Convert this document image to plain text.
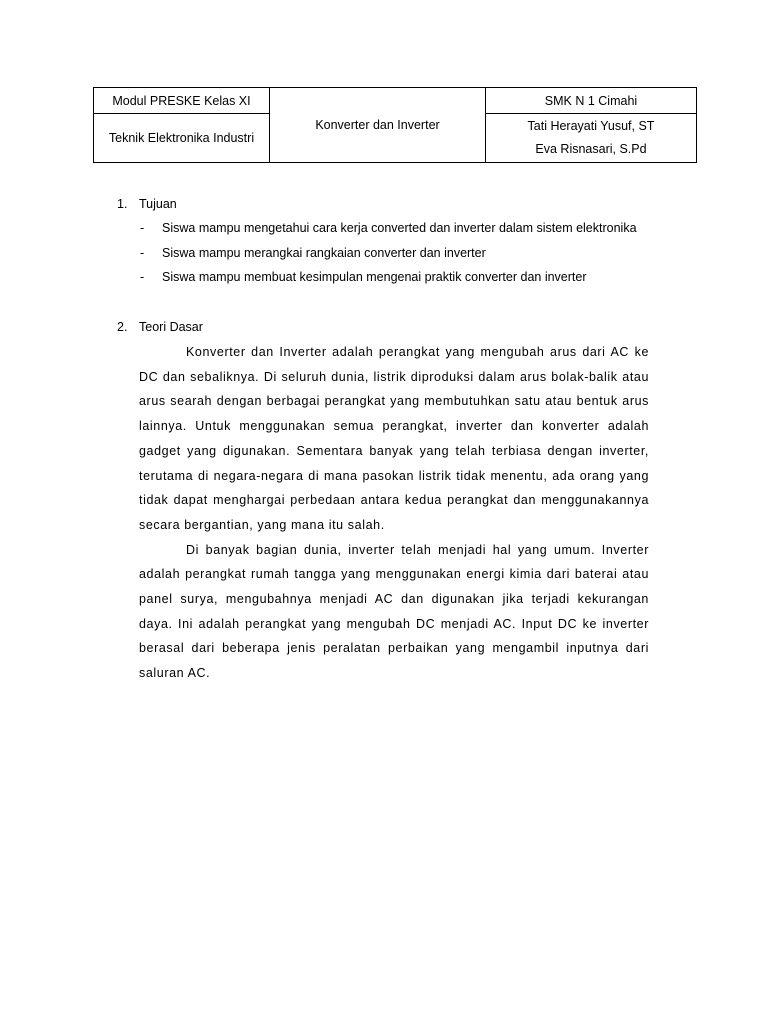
Modul PRESKE Kelas XI
Teknik Elektronika Industri
Konverter dan Inverter
SMK N 1 Cimahi
Tati Herayati Yusuf, ST
Eva Risnasari, S.Pd
1. Tujuan
- Siswa mampu mengetahui cara kerja converted dan inverter dalam sistem elektronika
- Siswa mampu merangkai rangkaian converter dan inverter
- Siswa mampu membuat kesimpulan mengenai praktik converter dan inverter
2. Teori Dasar

Konverter dan Inverter adalah perangkat yang mengubah arus dari AC ke DC dan sebaliknya. Di seluruh dunia, listrik diproduksi dalam arus bolak-balik atau arus searah dengan berbagai perangkat yang membutuhkan satu atau bentuk arus lainnya. Untuk menggunakan semua perangkat, inverter dan konverter adalah gadget yang digunakan. Sementara banyak yang telah terbiasa dengan inverter, terutama di negara-negara di mana pasokan listrik tidak menentu, ada orang yang tidak dapat menghargai perbedaan antara kedua perangkat dan menggunakannya secara bergantian, yang mana itu salah.

Di banyak bagian dunia, inverter telah menjadi hal yang umum. Inverter adalah perangkat rumah tangga yang menggunakan energi kimia dari baterai atau panel surya, mengubahnya menjadi AC dan digunakan jika terjadi kekurangan daya. Ini adalah perangkat yang mengubah DC menjadi AC. Input DC ke inverter berasal dari beberapa jenis peralatan perbaikan yang mengambil inputnya dari saluran AC.
